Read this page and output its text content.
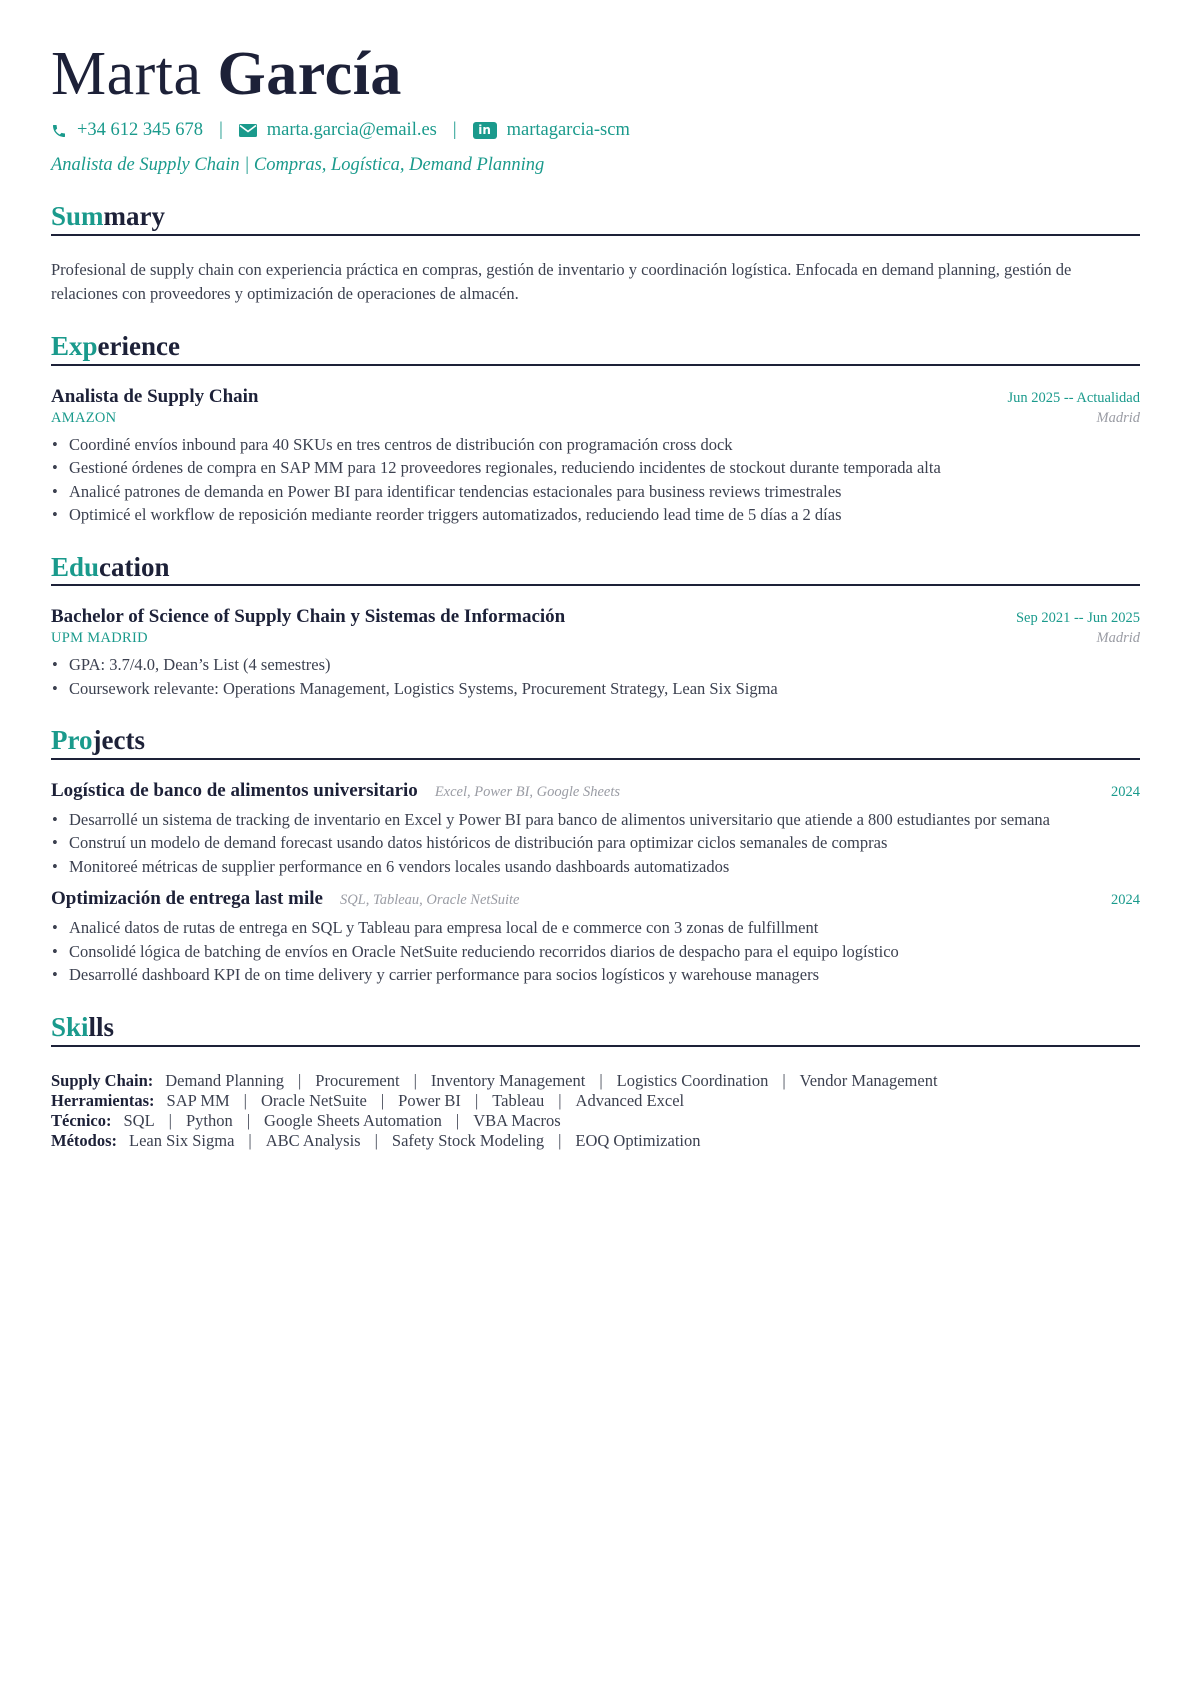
Marta García
+34 612 345 678 | marta.garcia@email.es |	in martagarcia-scm
Analista de Supply Chain | Compras, Logística, Demand Planning
Summary
Profesional de supply chain con experiencia práctica en compras, gestión de inventario y coordinación logística. Enfocada en demand planning, gestión de relaciones con proveedores y optimización de operaciones de almacén.
Experience
Analista de Supply Chain	Jun 2025 -- Actualidad
AMAZON	Madrid
• Coordiné envíos inbound para 40 SKUs en tres centros de distribución con programación cross dock
• Gestioné órdenes de compra en SAP MM para 12 proveedores regionales, reduciendo incidentes de stockout durante temporada alta
• Analicé patrones de demanda en Power BI para identificar tendencias estacionales para business reviews trimestrales
• Optimicé el workflow de reposición mediante reorder triggers automatizados, reduciendo lead time de 5 días a 2 días
Education
Bachelor of Science of Supply Chain y Sistemas de Información	Sep 2021 -- Jun 2025
UPM MADRID	Madrid
• GPA: 3.7/4.0, Dean’s List (4 semestres)
• Coursework relevante: Operations Management, Logistics Systems, Procurement Strategy, Lean Six Sigma
Projects
Logística de banco de alimentos universitario Excel, Power BI, Google Sheets	2024
• Desarrollé un sistema de tracking de inventario en Excel y Power BI para banco de alimentos universitario que atiende a 800 estudiantes por semana
• Construí un modelo de demand forecast usando datos históricos de distribución para optimizar ciclos semanales de compras
• Monitoreé métricas de supplier performance en 6 vendors locales usando dashboards automatizados
Optimización de entrega last mile SQL, Tableau, Oracle NetSuite	2024
• Analicé datos de rutas de entrega en SQL y Tableau para empresa local de e commerce con 3 zonas de fulfillment
• Consolidé lógica de batching de envíos en Oracle NetSuite reduciendo recorridos diarios de despacho para el equipo logístico
• Desarrollé dashboard KPI de on time delivery y carrier performance para socios logísticos y warehouse managers
Skills
Supply Chain: Demand Planning | Procurement | Inventory Management | Logistics Coordination | Vendor Management
Herramientas: SAP MM | Oracle NetSuite | Power BI | Tableau | Advanced Excel
Técnico: SQL | Python | Google Sheets Automation | VBA Macros
Métodos: Lean Six Sigma | ABC Analysis | Safety Stock Modeling | EOQ Optimization
